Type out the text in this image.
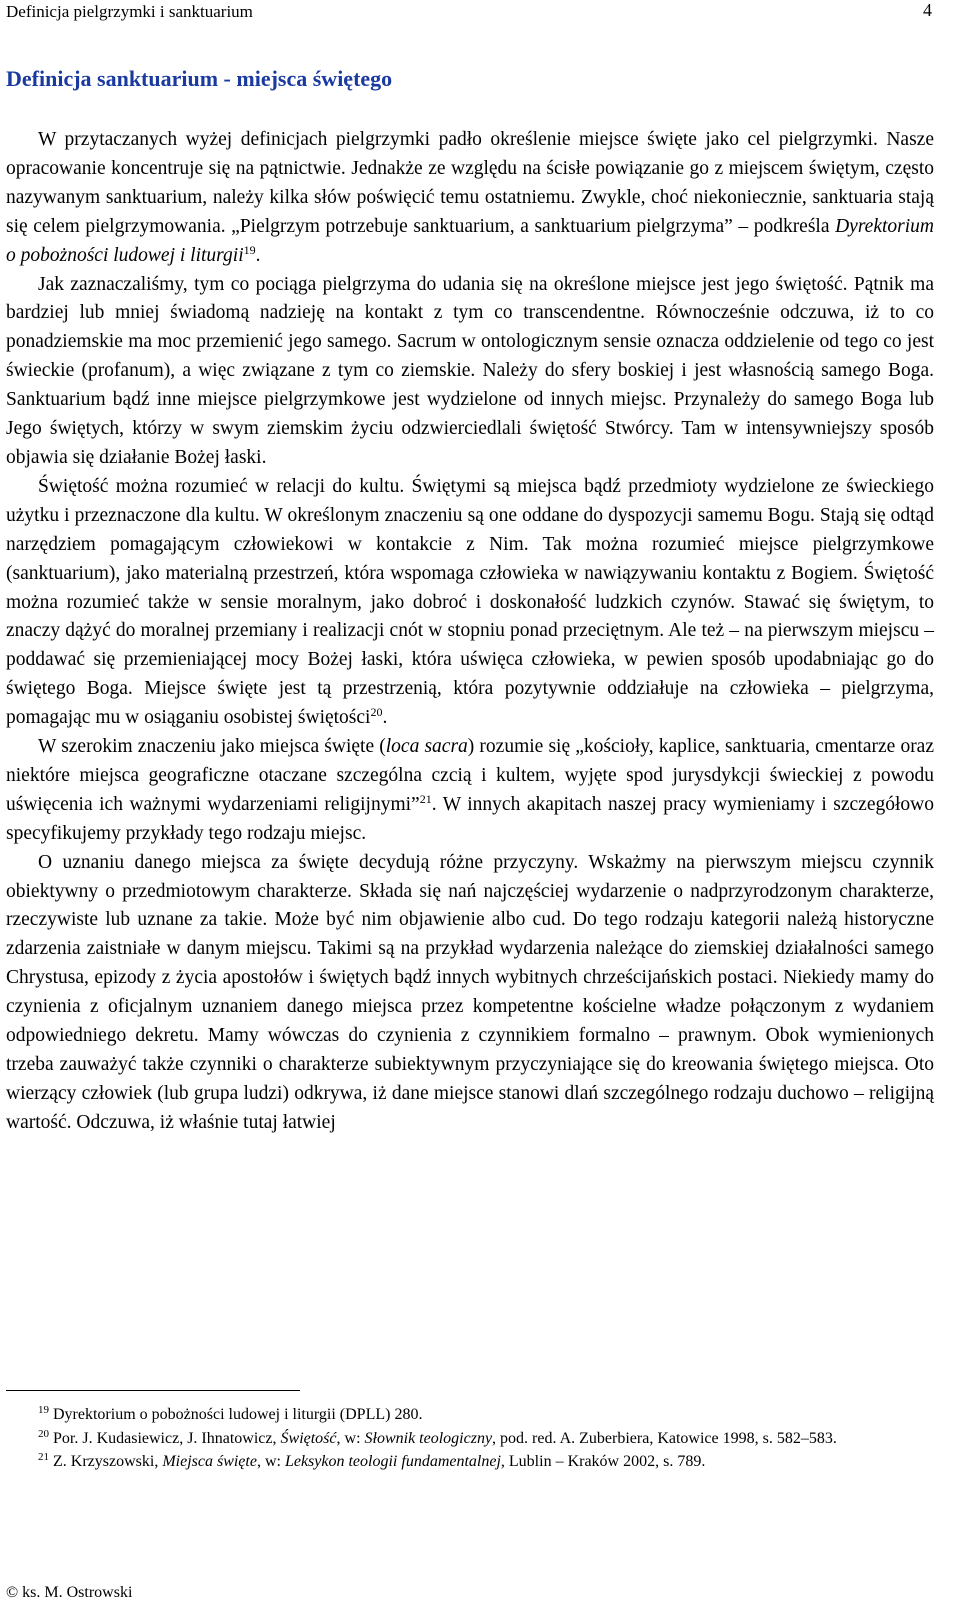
Definicja pielgrzymki i sanktuarium	4
Definicja sanktuarium - miejsca świętego

W przytaczanych wyżej definicjach pielgrzymki padło określenie miejsce święte jako cel pielgrzymki. Nasze opracowanie koncentruje się na pątnictwie. Jednakże ze względu na ścisłe powiązanie go z miejscem świętym, często nazywanym sanktuarium, należy kilka słów poświęcić temu ostatniemu. Zwykle, choć niekoniecznie, sanktuaria stają się celem pielgrzymowania. „Pielgrzym potrzebuje sanktuarium, a sanktuarium pielgrzyma” – podkreśla Dyrektorium o pobożności ludowej i liturgii$^{19}$.

Jak zaznaczaliśmy, tym co pociąga pielgrzyma do udania się na określone miejsce jest jego świętość. Pątnik ma bardziej lub mniej świadomą nadzieję na kontakt z tym co transcendentne. Równocześnie odczuwa, iż to co ponadziemskie ma moc przemienić jego samego. Sacrum w ontologicznym sensie oznacza oddzielenie od tego co jest świeckie (profanum), a więc związane z tym co ziemskie. Należy do sfery boskiej i jest własnością samego Boga. Sanktuarium bądź inne miejsce pielgrzymkowe jest wydzielone od innych miejsc. Przynależy do samego Boga lub Jego świętych, którzy w swym ziemskim życiu odzwierciedlali świętość Stwórcy. Tam w intensywniejszy sposób objawia się działanie Bożej łaski.

Świętość można rozumieć w relacji do kultu. Świętymi są miejsca bądź przedmioty wydzielone ze świeckiego użytku i przeznaczone dla kultu. W określonym znaczeniu są one oddane do dyspozycji samemu Bogu. Stają się odtąd narzędziem pomagającym człowiekowi w kontakcie z Nim. Tak można rozumieć miejsce pielgrzymkowe (sanktuarium), jako materialną przestrzeń, która wspomaga człowieka w nawiązywaniu kontaktu z Bogiem. Świętość można rozumieć także w sensie moralnym, jako dobroć i doskonałość ludzkich czynów. Stawać się świętym, to znaczy dążyć do moralnej przemiany i realizacji cnót w stopniu ponad przeciętnym. Ale też – na pierwszym miejscu – poddawać się przemieniającej mocy Bożej łaski, która uświęca człowieka, w pewien sposób upodabniając go do świętego Boga. Miejsce święte jest tą przestrzenią, która pozytywnie oddziałuje na człowieka – pielgrzyma, pomagając mu w osiąganiu osobistej świętości$^{20}$.

W szerokim znaczeniu jako miejsca święte (loca sacra) rozumie się „kościoły, kaplice, sanktuaria, cmentarze oraz niektóre miejsca geograficzne otaczane szczególna czcią i kultem, wyjęte spod jurysdykcji świeckiej z powodu uświęcenia ich ważnymi wydarzeniami religijnymi”$^{21}$. W innych akapitach naszej pracy wymieniamy i szczegółowo specyfikujemy przykłady tego rodzaju miejsc.

O uznaniu danego miejsca za święte decydują różne przyczyny. Wskażmy na pierwszym miejscu czynnik obiektywny o przedmiotowym charakterze. Składa się nań najczęściej wydarzenie o nadprzyrodzonym charakterze, rzeczywiste lub uznane za takie. Może być nim objawienie albo cud. Do tego rodzaju kategorii należą historyczne zdarzenia zaistniałe w danym miejscu. Takimi są na przykład wydarzenia należące do ziemskiej działalności samego Chrystusa, epizody z życia apostołów i świętych bądź innych wybitnych chrześcijańskich postaci. Niekiedy mamy do czynienia z oficjalnym uznaniem danego miejsca przez kompetentne kościelne władze połączonym z wydaniem odpowiedniego dekretu. Mamy wówczas do czynienia z czynnikiem formalno – prawnym. Obok wymienionych trzeba zauważyć także czynniki o charakterze subiektywnym przyczyniające się do kreowania świętego miejsca. Oto wierzący człowiek (lub grupa ludzi) odkrywa, iż dane miejsce stanowi dlań szczególnego rodzaju duchowo – religijną wartość. Odczuwa, iż właśnie tutaj łatwiej

$^{19}$ Dyrektorium o pobożności ludowej i liturgii (DPLL) 280.

$^{20}$ Por. J. Kudasiewicz, J. Ihnatowicz, Świętość, w: Słownik teologiczny, pod. red. A. Zuberbiera, Katowice 1998, s. 582–583.

$^{21}$ Z. Krzyszowski, Miejsca święte, w: Leksykon teologii fundamentalnej, Lublin – Kraków 2002, s. 789.

© ks. M. Ostrowski
